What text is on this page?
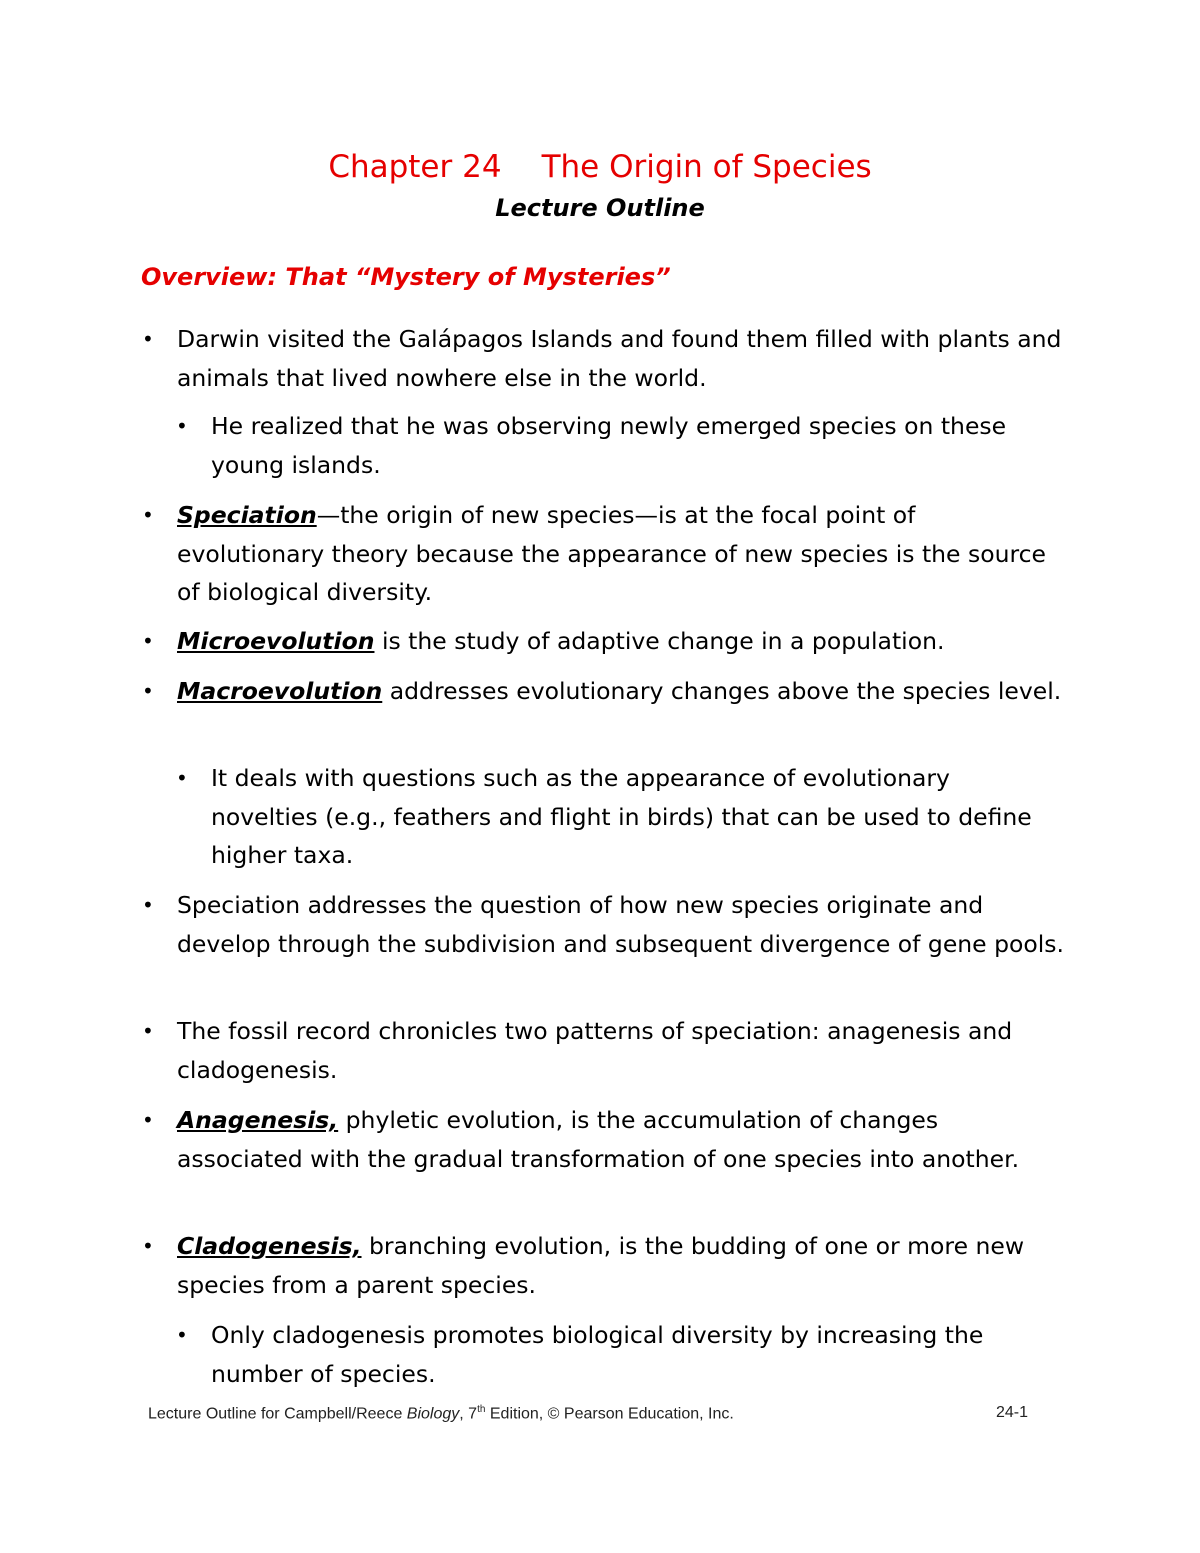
Chapter 24 The Origin of Species
Lecture Outline
Overview: That “Mystery of Mysteries”
• Darwin visited the Galápagos Islands and found them filled with plants and animals that lived nowhere else in the world.
• He realized that he was observing newly emerged species on these young islands.
• Speciation—the origin of new species—is at the focal point of evolutionary theory because the appearance of new species is the source of biological diversity.
• Microevolution is the study of adaptive change in a population.
• Macroevolution addresses evolutionary changes above the species level.
• It deals with questions such as the appearance of evolutionary novelties (e.g., feathers and flight in birds) that can be used to define higher taxa.
• Speciation addresses the question of how new species originate and develop through the subdivision and subsequent divergence of gene pools.
• The fossil record chronicles two patterns of speciation: anagenesis and cladogenesis.
• Anagenesis, phyletic evolution, is the accumulation of changes associated with the gradual transformation of one species into another.
• Cladogenesis, branching evolution, is the budding of one or more new species from a parent species.
• Only cladogenesis promotes biological diversity by increasing the number of species.
Lecture Outline for Campbell/Reece Biology, 7th Edition, © Pearson Education, Inc.	24-1
